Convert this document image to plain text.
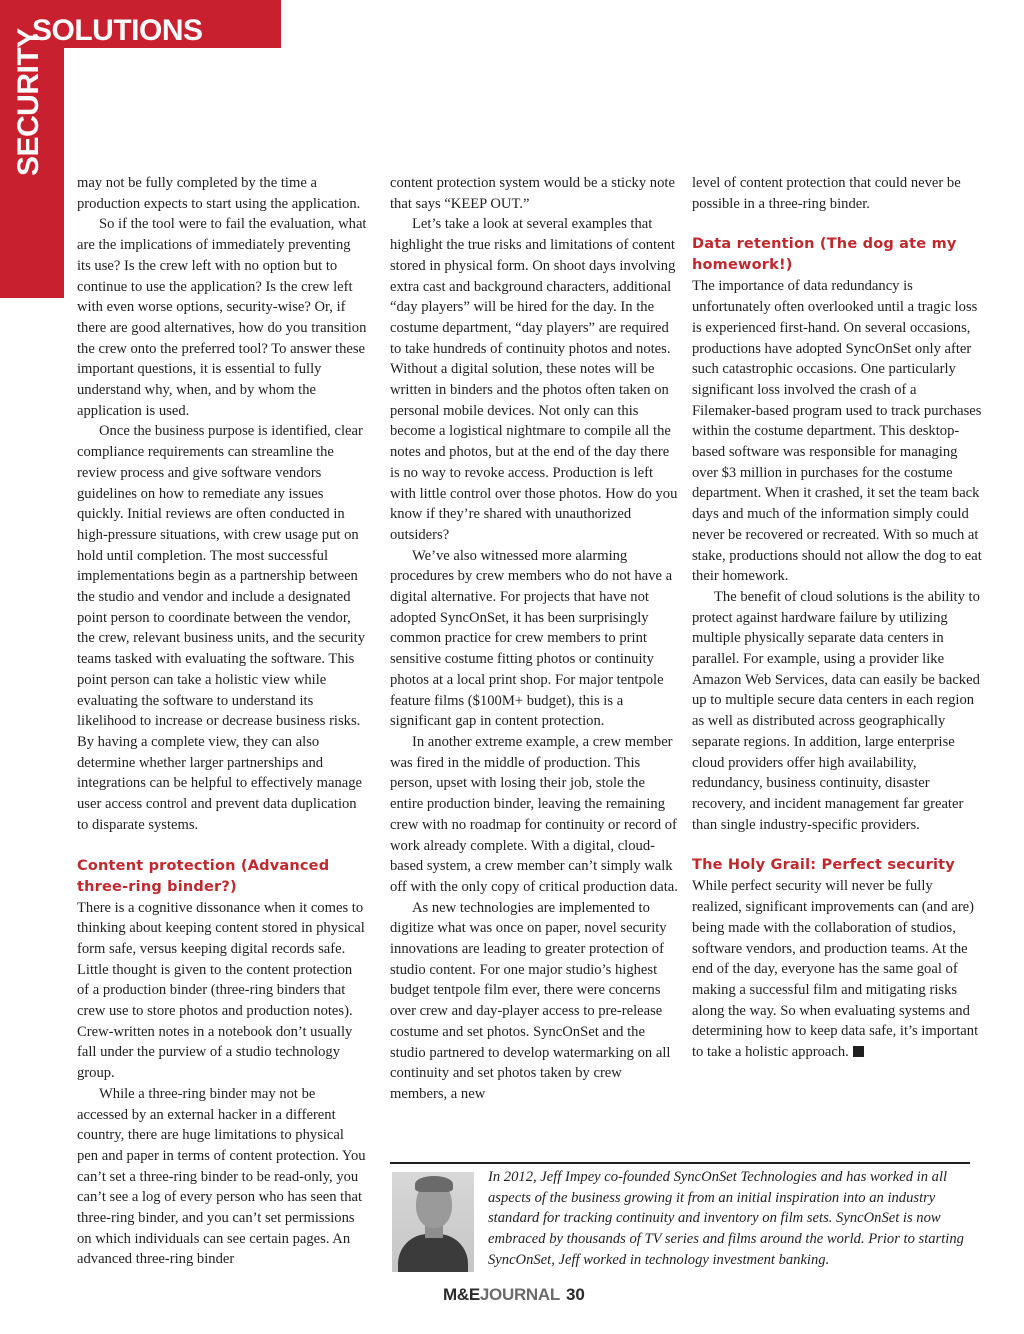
SOLUTIONS
SECURITY

may not be fully completed by the time a production expects to start using the application.

So if the tool were to fail the evaluation, what are the implications of immediately preventing its use? Is the crew left with no option but to continue to use the application? Is the crew left with even worse options, security-wise? Or, if there are good alternatives, how do you transition the crew onto the preferred tool? To answer these important questions, it is essential to fully understand why, when, and by whom the application is used.

Once the business purpose is identified, clear compliance requirements can streamline the review process and give software vendors guidelines on how to remediate any issues quickly. Initial reviews are often conducted in high-pressure situations, with crew usage put on hold until completion. The most successful implementations begin as a partnership between the studio and vendor and include a designated point person to coordinate between the vendor, the crew, relevant business units, and the security teams tasked with evaluating the software. This point person can take a holistic view while evaluating the software to understand its likelihood to increase or decrease business risks. By having a complete view, they can also determine whether larger partnerships and integrations can be helpful to effectively manage user access control and prevent data duplication to disparate systems.

Content protection (Advanced three-ring binder?)

There is a cognitive dissonance when it comes to thinking about keeping content stored in physical form safe, versus keeping digital records safe. Little thought is given to the content protection of a production binder (three-ring binders that crew use to store photos and production notes). Crew-written notes in a notebook don’t usually fall under the purview of a studio technology group.

While a three-ring binder may not be accessed by an external hacker in a different country, there are huge limitations to physical pen and paper in terms of content protection. You can’t set a three-ring binder to be read-only, you can’t see a log of every person who has seen that three-ring binder, and you can’t set permissions on which individuals can see certain pages. An advanced three-ring binder

content protection system would be a sticky note that says “KEEP OUT.”

Let’s take a look at several examples that highlight the true risks and limitations of content stored in physical form. On shoot days involving extra cast and background characters, additional “day players” will be hired for the day. In the costume department, “day players” are required to take hundreds of continuity photos and notes. Without a digital solution, these notes will be written in binders and the photos often taken on personal mobile devices. Not only can this become a logistical nightmare to compile all the notes and photos, but at the end of the day there is no way to revoke access. Production is left with little control over those photos. How do you know if they’re shared with unauthorized outsiders?

We’ve also witnessed more alarming procedures by crew members who do not have a digital alternative. For projects that have not adopted SyncOnSet, it has been surprisingly common practice for crew members to print sensitive costume fitting photos or continuity photos at a local print shop. For major tentpole feature films ($100M+ budget), this is a significant gap in content protection.

In another extreme example, a crew member was fired in the middle of production. This person, upset with losing their job, stole the entire production binder, leaving the remaining crew with no roadmap for continuity or record of work already complete. With a digital, cloud-based system, a crew member can’t simply walk off with the only copy of critical production data.

As new technologies are implemented to digitize what was once on paper, novel security innovations are leading to greater protection of studio content. For one major studio’s highest budget tentpole film ever, there were concerns over crew and day-player access to pre-release costume and set photos. SyncOnSet and the studio partnered to develop watermarking on all continuity and set photos taken by crew members, a new

level of content protection that could never be possible in a three-ring binder.

Data retention (The dog ate my homework!)

The importance of data redundancy is unfortunately often overlooked until a tragic loss is experienced first-hand. On several occasions, productions have adopted SyncOnSet only after such catastrophic occasions. One particularly significant loss involved the crash of a Filemaker-based program used to track purchases within the costume department. This desktop-based software was responsible for managing over $3 million in purchases for the costume department. When it crashed, it set the team back days and much of the information simply could never be recovered or recreated. With so much at stake, productions should not allow the dog to eat their homework.

The benefit of cloud solutions is the ability to protect against hardware failure by utilizing multiple physically separate data centers in parallel. For example, using a provider like Amazon Web Services, data can easily be backed up to multiple secure data centers in each region as well as distributed across geographically separate regions. In addition, large enterprise cloud providers offer high availability, redundancy, business continuity, disaster recovery, and incident management far greater than single industry-specific providers.

The Holy Grail: Perfect security

While perfect security will never be fully realized, significant improvements can (and are) being made with the collaboration of studios, software vendors, and production teams. At the end of the day, everyone has the same goal of making a successful film and mitigating risks along the way. So when evaluating systems and determining how to keep data safe, it’s important to take a holistic approach.

In 2012, Jeff Impey co-founded SyncOnSet Technologies and has worked in all aspects of the business growing it from an initial inspiration into an industry standard for tracking continuity and inventory on film sets. SyncOnSet is now embraced by thousands of TV series and films around the world. Prior to starting SyncOnSet, Jeff worked in technology investment banking.
M&EJOURNAL 30
